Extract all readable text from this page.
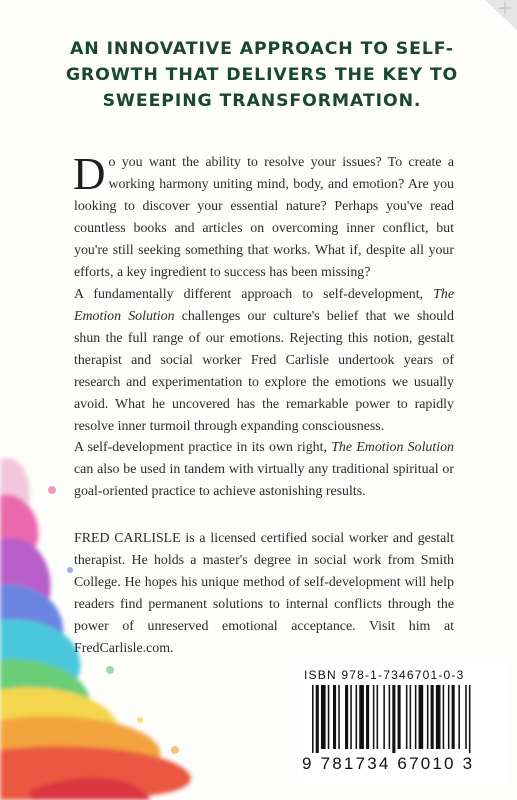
AN INNOVATIVE APPROACH TO SELF-GROWTH THAT DELIVERS THE KEY TO SWEEPING TRANSFORMATION.
D o you want the ability to resolve your issues? To create a working harmony uniting mind, body, and emotion? Are you looking to discover your essential nature? Perhaps you've read countless books and articles on overcoming inner conflict, but you're still seeking something that works. What if, despite all your efforts, a key ingredient to success has been missing?
A fundamentally different approach to self-development, The Emotion Solution challenges our culture's belief that we should shun the full range of our emotions. Rejecting this notion, gestalt therapist and social worker Fred Carlisle undertook years of research and experimentation to explore the emotions we usually avoid. What he uncovered has the remarkable power to rapidly resolve inner turmoil through expanding consciousness.
A self-development practice in its own right, The Emotion Solution can also be used in tandem with virtually any traditional spiritual or goal-oriented practice to achieve astonishing results.
FRED CARLISLE is a licensed certified social worker and gestalt therapist. He holds a master's degree in social work from Smith College. He hopes his unique method of self-development will help readers find permanent solutions to internal conflicts through the power of unreserved emotional acceptance. Visit him at FredCarlisle.com.
ISBN 978-1-7346701-0-3
9 781734 67010 3
